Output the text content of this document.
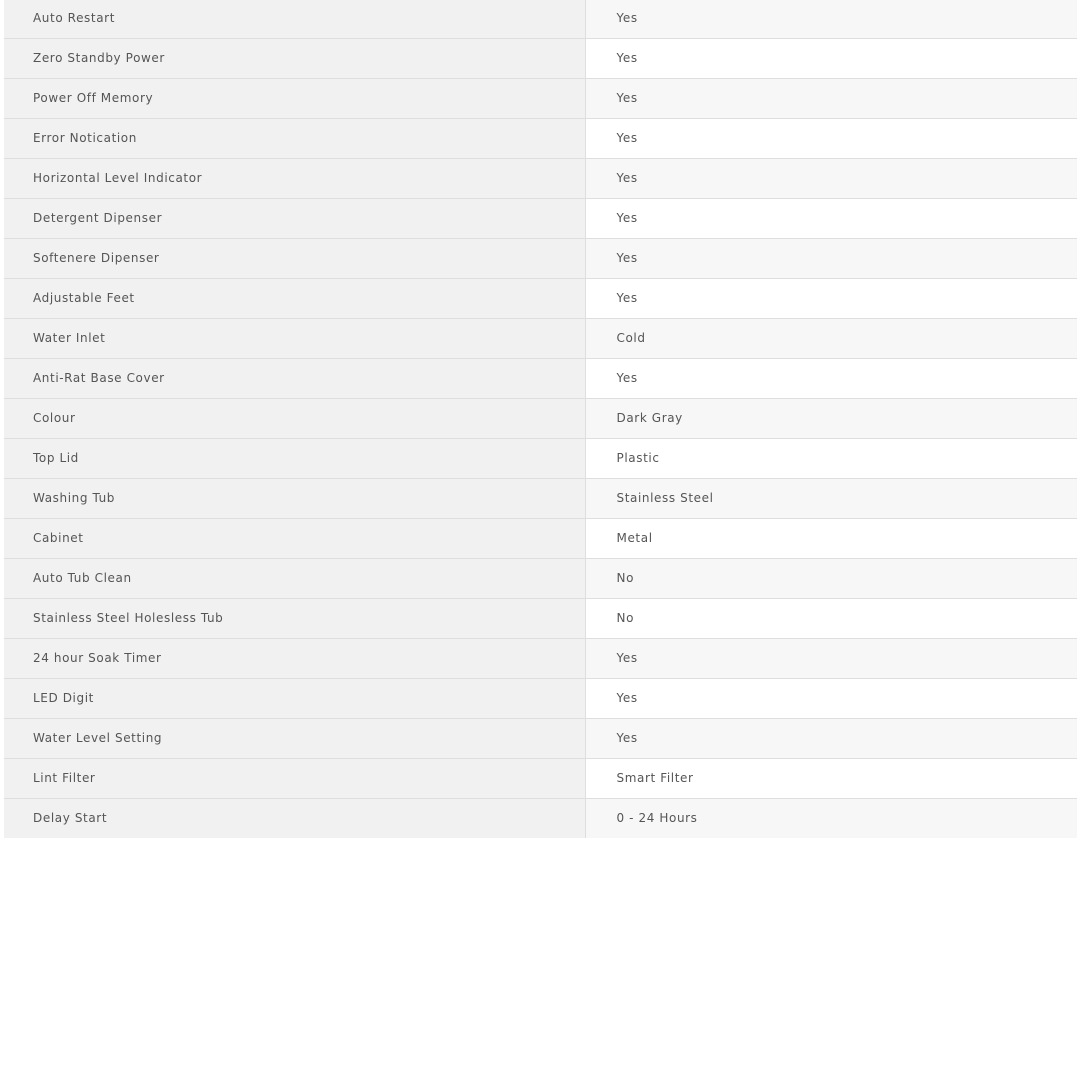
Auto Restart	Yes
Zero Standby Power	Yes
Power Off Memory	Yes
Error Notication	Yes
Horizontal Level Indicator	Yes
Detergent Dipenser	Yes
Softenere Dipenser	Yes
Adjustable Feet	Yes
Water Inlet	Cold
Anti-Rat Base Cover	Yes
Colour	Dark Gray
Top Lid	Plastic
Washing Tub	Stainless Steel
Cabinet	Metal
Auto Tub Clean	No
Stainless Steel Holesless Tub	No
24 hour Soak Timer	Yes
LED Digit	Yes
Water Level Setting	Yes
Lint Filter	Smart Filter
Delay Start	0 - 24 Hours
